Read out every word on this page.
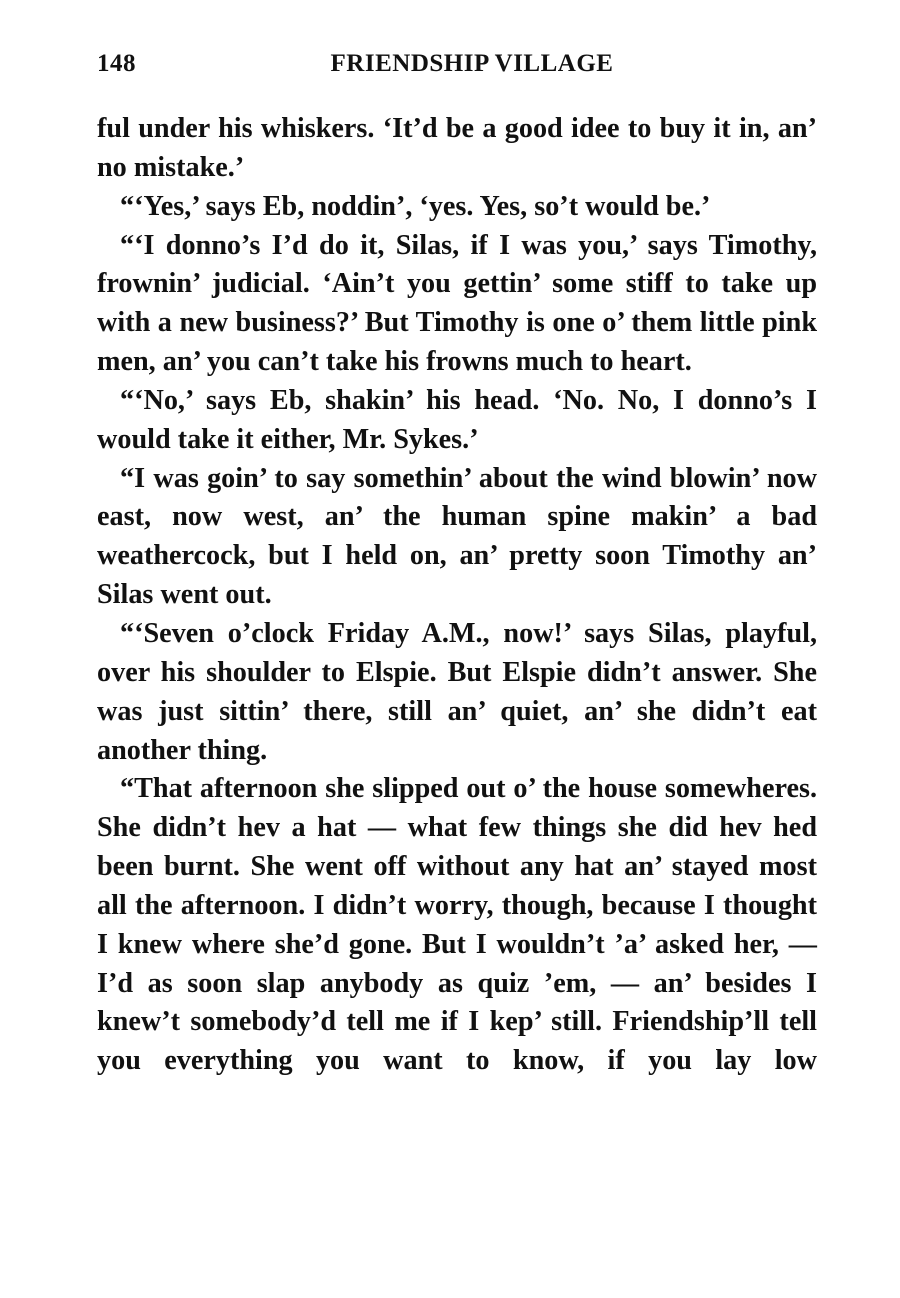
148	FRIENDSHIP VILLAGE

ful under his whiskers. ‘It’d be a good idee to buy it in, an’ no mistake.’

“‘Yes,’ says Eb, noddin’, ‘yes. Yes, so’t would be.’

“‘I donno’s I’d do it, Silas, if I was you,’ says Timothy, frownin’ judicial. ‘Ain’t you gettin’ some stiff to take up with a new business?’ But Timothy is one o’ them little pink men, an’ you can’t take his frowns much to heart.

“‘No,’ says Eb, shakin’ his head. ‘No. No, I donno’s I would take it either, Mr. Sykes.’

“I was goin’ to say somethin’ about the wind blowin’ now east, now west, an’ the human spine makin’ a bad weathercock, but I held on, an’ pretty soon Timothy an’ Silas went out.

“‘Seven o’clock Friday A.M., now!’ says Silas, playful, over his shoulder to Elspie. But Elspie didn’t answer. She was just sittin’ there, still an’ quiet, an’ she didn’t eat another thing.

“That afternoon she slipped out o’ the house somewheres. She didn’t hev a hat — what few things she did hev hed been burnt. She went off without any hat an’ stayed most all the afternoon. I didn’t worry, though, because I thought I knew where she’d gone. But I wouldn’t ’a’ asked her, — I’d as soon slap anybody as quiz ’em, — an’ besides I knew’t somebody’d tell me if I kep’ still. Friendship’ll tell you everything you want to know, if you lay low
